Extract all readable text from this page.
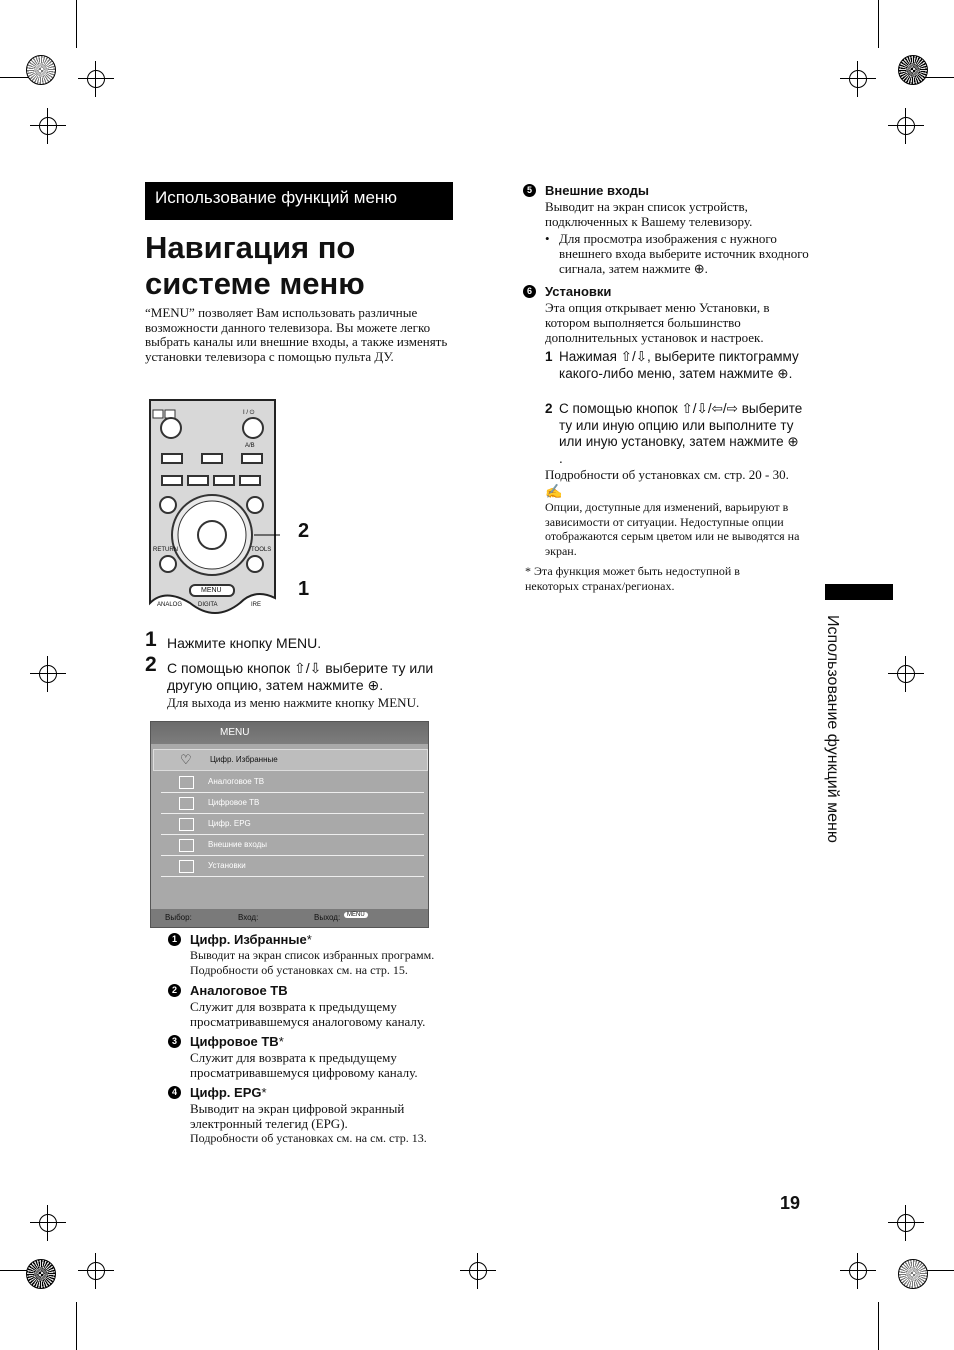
Использование функций меню
Навигация по
системе меню
“MENU” позволяет Вам использовать различные возможности данного телевизора. Вы можете легко выбрать каналы или внешние входы, а также изменять установки телевизора с помощью пульта ДУ.
RETURN	TOOLS
A/B
I / ⏻
MENU
ANALOG	DIGITA	IRE
2
1
1 Нажмите кнопку MENU.
2 С помощью кнопок ⇧/⇩ выберите ту или другую опцию, затем нажмите ⊕.
Для выхода из меню нажмите кнопку MENU.
MENU
♡ Цифр. Избранные
Аналоговое ТВ
Цифровое ТВ
Цифр. EPG
Внешние входы
Установки
Выбор:	Вход:	Выход:	MENU
1	Цифр. Избранные*
Выводит на экран список избранных программ.
Подробности об установках см. на стр. 15.
2	Аналоговое ТВ
Служит для возврата к предыдущему
просматривавшемуся аналоговому каналу.
3	Цифровое ТВ*
Служит для возврата к предыдущему
просматривавшемуся цифровому каналу.
4	Цифр. EPG*
Выводит на экран цифровой экранный
электронный телегид (EPG).
Подробности об установках см. на см. стр. 13.
5	Внешние входы
Выводит на экран список устройств,
подключенных к Вашему телевизору.
• Для просмотра изображения с нужного внешнего входа выберите источник входного сигнала, затем нажмите ⊕.
6	Установки
Эта опция открывает меню Установки, в
котором выполняется большинство
дополнительных установок и настроек.
1 Нажимая ⇧/⇩, выберите пиктограмму какого-либо меню, затем нажмите ⊕.
2 С помощью кнопок ⇧/⇩/⇦/⇨ выберите ту или иную опцию или выполните ту или иную установку, затем нажмите ⊕ .
Подробности об установках см. стр. 20 - 30.
✍
Опции, доступные для изменений, варьируют в зависимости от ситуации. Недоступные опции отображаются серым цветом или не выводятся на экран.
* Эта функция может быть недоступной в некоторых странах/регионах.
Использование функций меню
19
